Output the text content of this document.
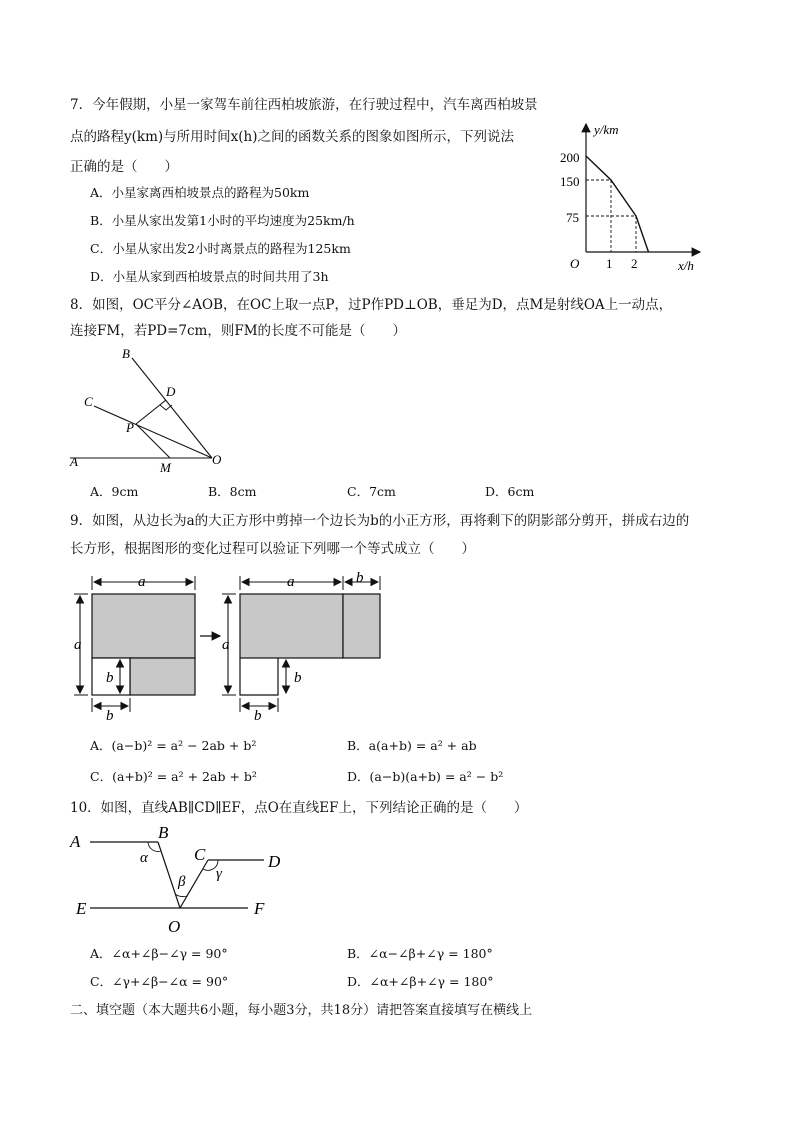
7．今年假期，小星一家驾车前往西柏坡旅游，在行驶过程中，汽车离西柏坡景
点的路程y(km)与所用时间x(h)之间的函数关系的图象如图所示，下列说法
正确的是（　　）
A．小星家离西柏坡景点的路程为50km
B．小星从家出发第1小时的平均速度为25km/h
C．小星从家出发2小时离景点的路程为125km
D．小星从家到西柏坡景点的时间共用了3h
y/km
x/h
O
200
150
75
1 2
8．如图，OC平分∠AOB，在OC上取一点P，过P作PD⊥OB，垂足为D，点M是射线OA上一动点，
连接FM，若PD=7cm，则FM的长度不可能是（　　）
B
D
C
P
A	M
O
A．9cm	B．8cm	C．7cm	D．6cm
9．如图，从边长为a的大正方形中剪掉一个边长为b的小正方形，再将剩下的阴影部分剪开，拼成右边的
长方形，根据图形的变化过程可以验证下列哪一个等式成立（　　）
a
a
b
b
a	b
a
b
b
A．(a−b)² = a² − 2ab + b²	B．a(a+b) = a² + ab
C．(a+b)² = a² + 2ab + b²	D．(a−b)(a+b) = a² − b²
10．如图，直线AB∥CD∥EF，点O在直线EF上，下列结论正确的是（　　）
A	B
C	D
E	F
O
α
β γ
A．∠α+∠β−∠γ = 90°	B．∠α−∠β+∠γ = 180°
C．∠γ+∠β−∠α = 90°	D．∠α+∠β+∠γ = 180°
二、填空题（本大题共6小题，每小题3分，共18分）请把答案直接填写在横线上
